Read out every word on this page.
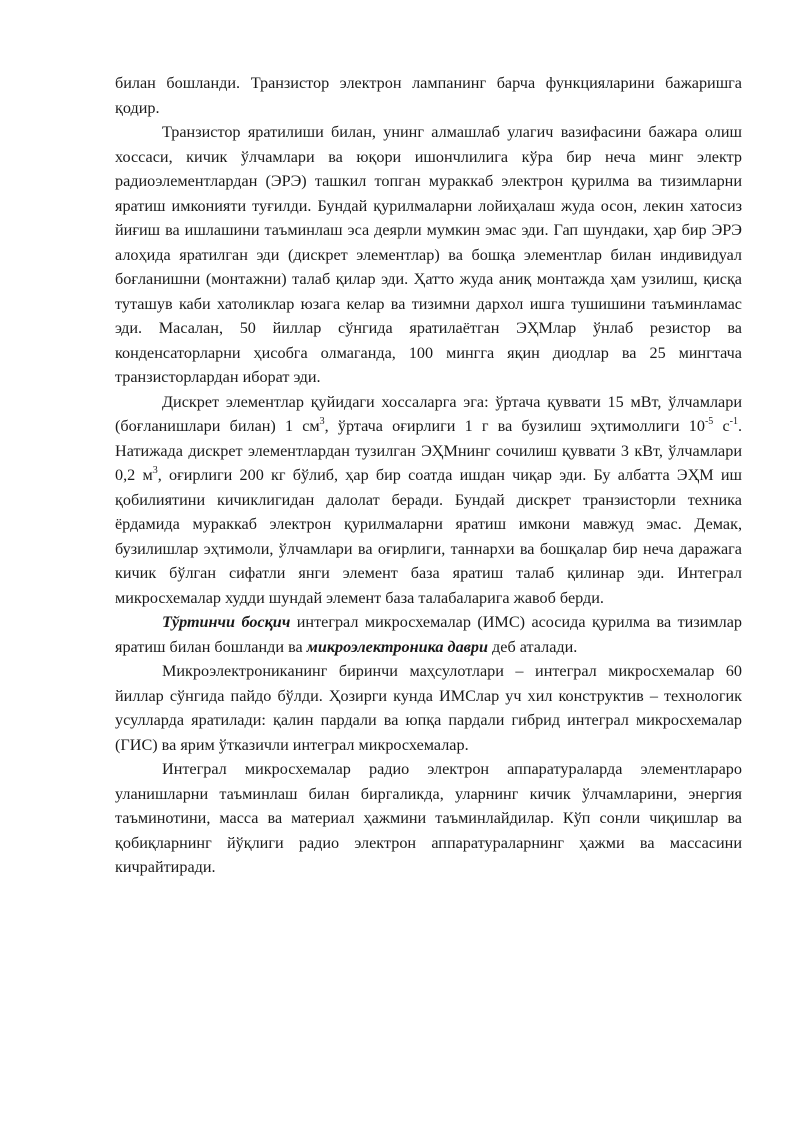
билан бошланди. Транзистор электрон лампанинг барча функцияларини бажаришга қодир.

Транзистор яратилиши билан, унинг алмашлаб улагич вазифасини бажара олиш хоссаси, кичик ўлчамлари ва юқори ишончлилига кўра бир неча минг электр радиоэлементлардан (ЭРЭ) ташкил топган мураккаб электрон қурилма ва тизимларни яратиш имконияти туғилди. Бундай қурилмаларни лойиҳалаш жуда осон, лекин хатосиз йиғиш ва ишлашини таъминлаш эса деярли мумкин эмас эди. Гап шундаки, ҳар бир ЭРЭ алоҳида яратилган эди (дискрет элементлар) ва бошқа элементлар билан индивидуал боғланишни (монтажни) талаб қилар эди. Ҳатто жуда аниқ монтажда ҳам узилиш, қисқа туташув каби хатоликлар юзага келар ва тизимни дархол ишга тушишини таъминламас эди. Масалан, 50 йиллар сўнгида яратилаётган ЭҲМлар ўнлаб резистор ва конденсаторларни ҳисобга олмаганда, 100 мингга яқин диодлар ва 25 мингтача транзисторлардан иборат эди.

Дискрет элементлар қуйидаги хоссаларга эга: ўртача қуввати 15 мВт, ўлчамлари (боғланишлари билан) 1 $см^3$, ўртача оғирлиги 1 г ва бузилиш эҳтимоллиги $10^{-5}$ $с^{-1}$. Натижада дискрет элементлардан тузилган ЭҲМнинг сочилиш қуввати 3 кВт, ўлчамлари 0,2 $м^3$, оғирлиги 200 кг бўлиб, ҳар бир соатда ишдан чиқар эди. Бу албатта ЭҲМ иш қобилиятини кичиклигидан далолат беради. Бундай дискрет транзисторли техника ёрдамида мураккаб электрон қурилмаларни яратиш имкони мавжуд эмас. Демак, бузилишлар эҳтимоли, ўлчамлари ва оғирлиги, таннархи ва бошқалар бир неча даражага кичик бўлган сифатли янги элемент база яратиш талаб қилинар эди. Интеграл микросхемалар худди шундай элемент база талабаларига жавоб берди.

Тўртинчи босқич интеграл микросхемалар (ИМС) асосида қурилма ва тизимлар яратиш билан бошланди ва микроэлектроника даври деб аталади.

Микроэлектроникaнинг биринчи маҳсулотлари – интеграл микросхемалар 60 йиллар сўнгида пайдо бўлди. Ҳозирги кунда ИМСлар уч хил конструктив – технологик усулларда яратилади: қалин пардали ва юпқа пардали гибрид интеграл микросхемалар (ГИС) ва ярим ўтказичли интеграл микросхемалар.

Интеграл микросхемалар радио электрон аппаратураларда элементлараро уланишларни таъминлаш билан биргаликда, уларнинг кичик ўлчамларини, энергия таъминотини, масса ва материал ҳажмини таъминлайдилар. Кўп сонли чиқишлар ва қобиқларнинг йўқлиги радио электрон аппаратураларнинг ҳажми ва массасини кичрайтиради.
